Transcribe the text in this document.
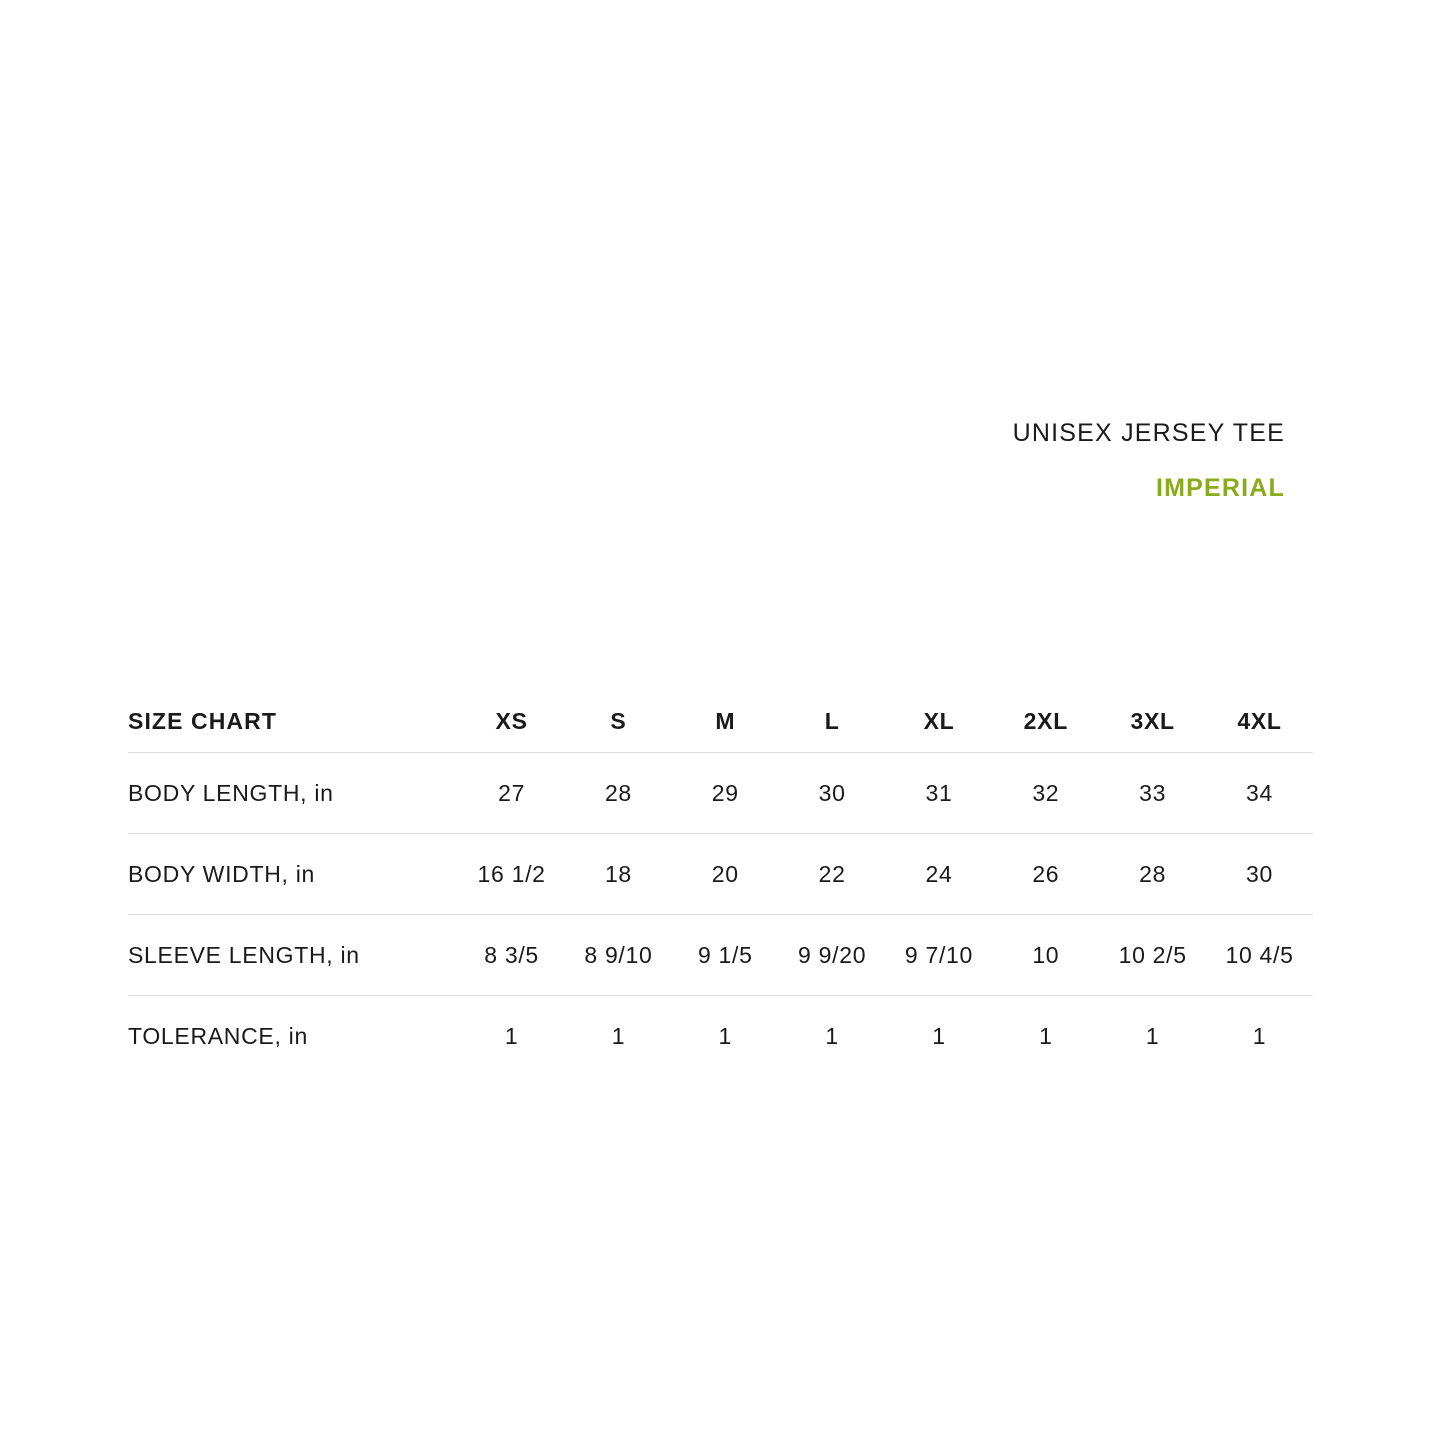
UNISEX JERSEY TEE
IMPERIAL
SIZE CHART	XS	S	M	L	XL	2XL	3XL	4XL
BODY LENGTH, in	27	28	29	30	31	32	33	34
BODY WIDTH, in	16 1/2	18	20	22	24	26	28	30
SLEEVE LENGTH, in	8 3/5	8 9/10	9 1/5	9 9/20	9 7/10	10	10 2/5	10 4/5
TOLERANCE, in	1	1	1	1	1	1	1	1
